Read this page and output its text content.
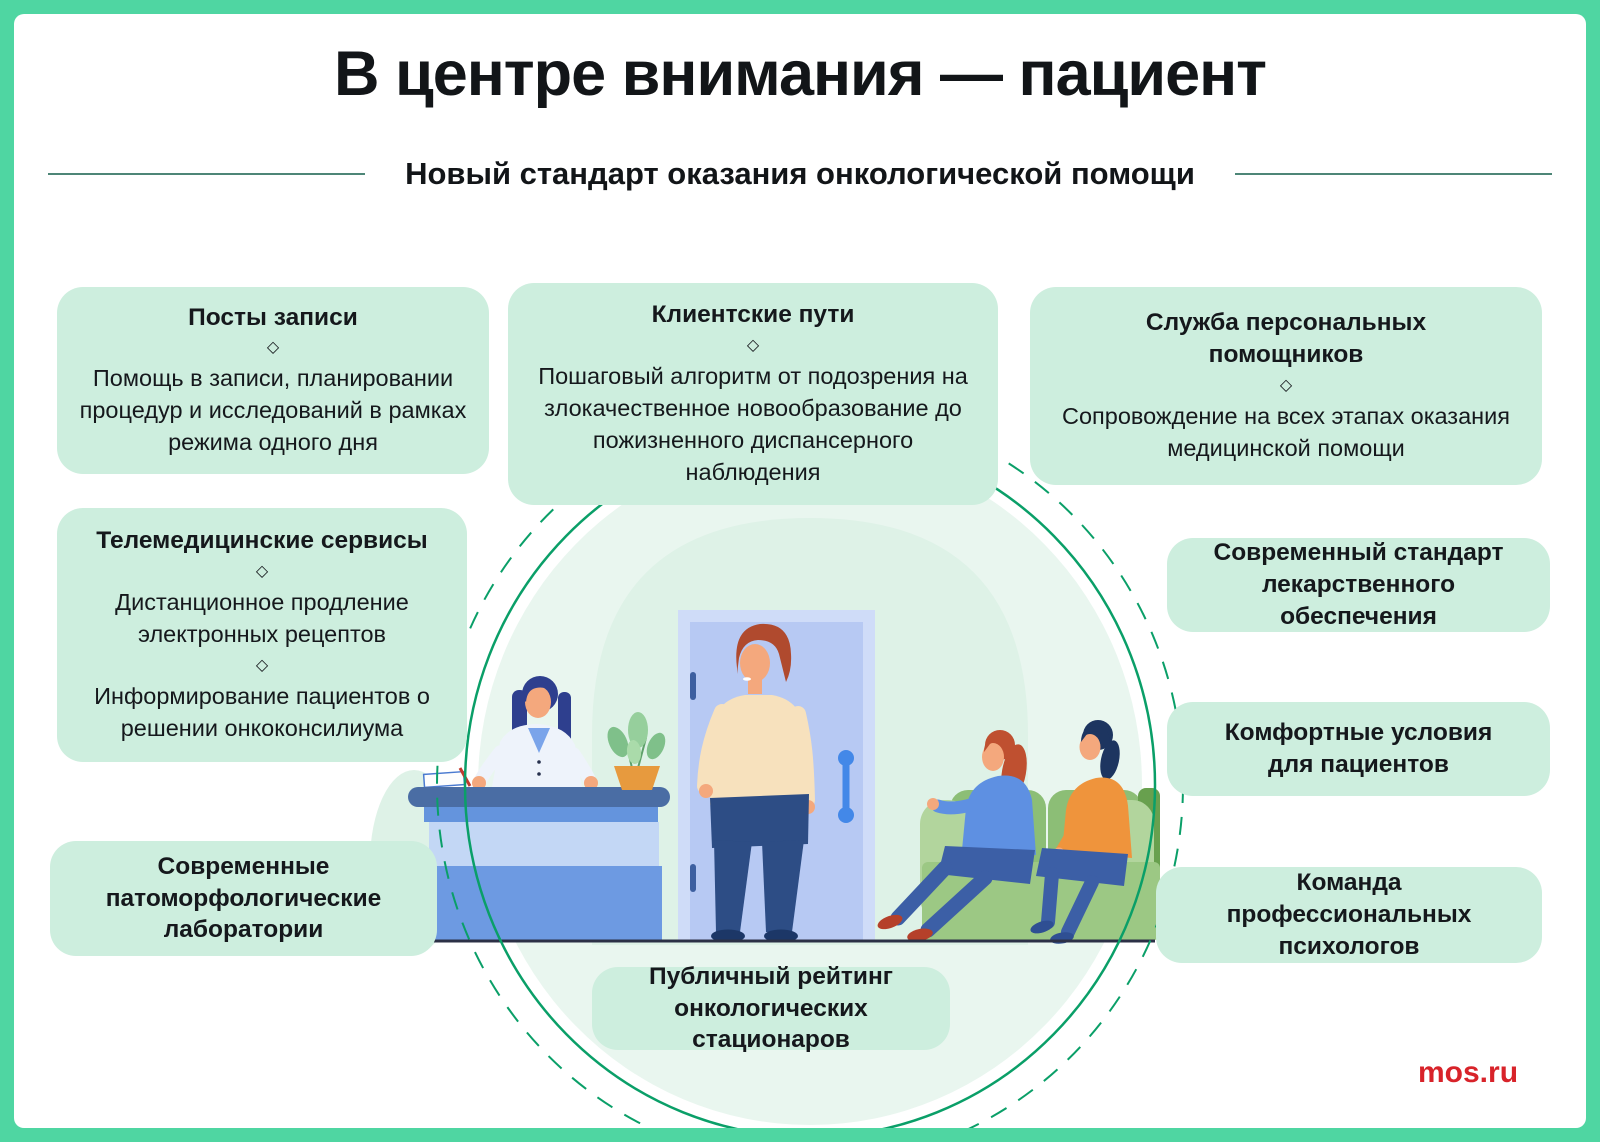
В центре внимания — пациент
Новый стандарт оказания онкологической помощи
Посты записи
◇
Помощь в записи, планировании процедур и исследований в рамках режима одного дня
Клиентские пути
◇
Пошаговый алгоритм от подозрения на злокачественное новообразование до пожизненного диспансерного наблюдения
Служба персональных помощников
◇
Сопровождение на всех этапах оказания медицинской помощи
Телемедицинские сервисы
◇
Дистанционное продление электронных рецептов
◇
Информирование пациентов о решении онкоконсилиума
Современный стандарт лекарственного обеспечения
Комфортные условия для пациентов
Современные патоморфологические лаборатории
Команда профессиональных психологов
Публичный рейтинг онкологических стационаров
mos.ru
